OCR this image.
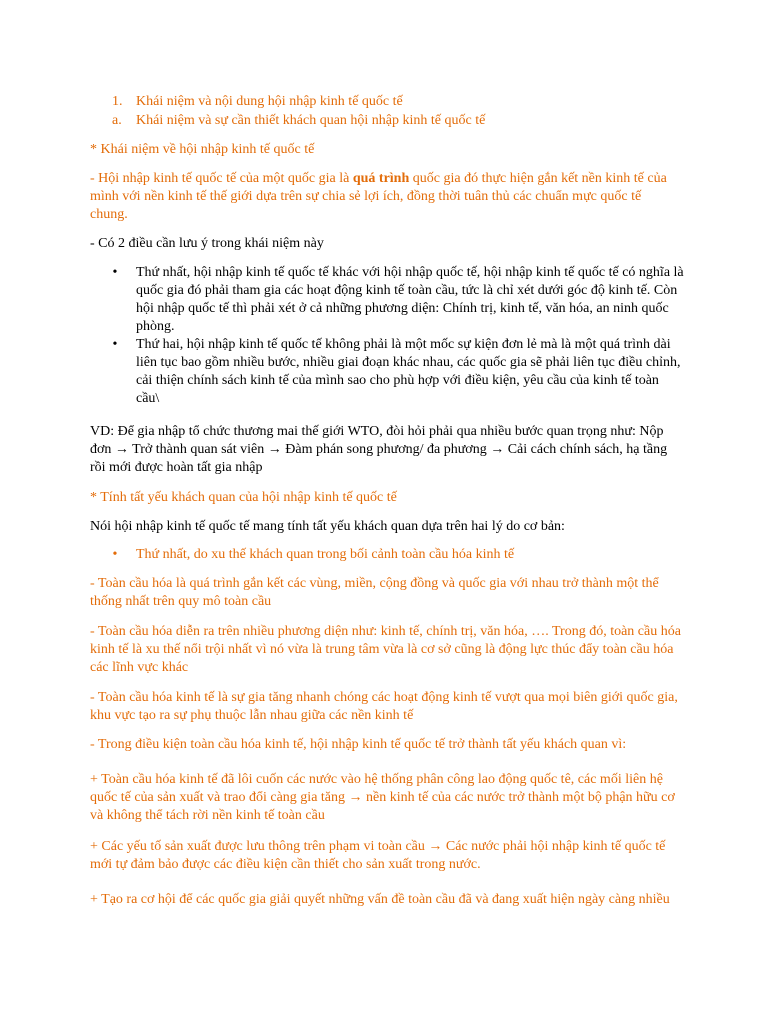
1. Khái niệm và nội dung hội nhập kinh tế quốc tế
a. Khái niệm và sự cần thiết khách quan hội nhập kinh tế quốc tế

* Khái niệm về hội nhập kinh tế quốc tế

- Hội nhập kinh tế quốc tế của một quốc gia là quá trình quốc gia đó thực hiện gắn kết nền kinh tế của mình với nền kinh tế thế giới dựa trên sự chia sẻ lợi ích, đồng thời tuân thủ các chuẩn mực quốc tế chung.

- Có 2 điều cần lưu ý trong khái niệm này

• Thứ nhất, hội nhập kinh tế quốc tế khác với hội nhập quốc tế, hội nhập kinh tế quốc tế có nghĩa là quốc gia đó phải tham gia các hoạt động kinh tế toàn cầu, tức là chỉ xét dưới góc độ kinh tế. Còn hội nhập quốc tế thì phải xét ở cả những phương diện: Chính trị, kinh tế, văn hóa, an ninh quốc phòng.
• Thứ hai, hội nhập kinh tế quốc tế không phải là một mốc sự kiện đơn lẻ mà là một quá trình dài liên tục bao gồm nhiều bước, nhiều giai đoạn khác nhau, các quốc gia sẽ phải liên tục điều chỉnh, cải thiện chính sách kinh tế của mình sao cho phù hợp với điều kiện, yêu cầu của kinh tế toàn cầu\

VD: Để gia nhập tổ chức thương mai thế giới WTO, đòi hỏi phải qua nhiều bước quan trọng như: Nộp đơn → Trở thành quan sát viên → Đàm phán song phương/ đa phương → Cải cách chính sách, hạ tầng rồi mới được hoàn tất gia nhập

* Tính tất yếu khách quan của hội nhập kinh tế quốc tế

Nói hội nhập kinh tế quốc tế mang tính tất yếu khách quan dựa trên hai lý do cơ bản:

• Thứ nhất, do xu thế khách quan trong bối cảnh toàn cầu hóa kinh tế

- Toàn cầu hóa là quá trình gắn kết các vùng, miền, cộng đồng và quốc gia với nhau trở thành một thể thống nhất trên quy mô toàn cầu

- Toàn cầu hóa diễn ra trên nhiều phương diện như: kinh tế, chính trị, văn hóa, …. Trong đó, toàn cầu hóa kinh tế là xu thế nổi trội nhất vì nó vừa là trung tâm vừa là cơ sở cũng là động lực thúc đẩy toàn cầu hóa các lĩnh vực khác

- Toàn cầu hóa kinh tế là sự gia tăng nhanh chóng các hoạt động kinh tế vượt qua mọi biên giới quốc gia, khu vực tạo ra sự phụ thuộc lẫn nhau giữa các nền kinh tế

- Trong điều kiện toàn cầu hóa kinh tế, hội nhập kinh tế quốc tế trở thành tất yếu khách quan vì:

+ Toàn cầu hóa kinh tế đã lôi cuốn các nước vào hệ thống phân công lao động quốc tê, các mối liên hệ quốc tế của sản xuất và trao đổi càng gia tăng → nền kinh tế của các nước trở thành một bộ phận hữu cơ và không thể tách rời nền kinh tế toàn cầu

+ Các yếu tố sản xuất được lưu thông trên phạm vi toàn cầu → Các nước phải hội nhập kinh tế quốc tế mới tự đảm bảo được các điều kiện cần thiết cho sản xuất trong nước.

+ Tạo ra cơ hội để các quốc gia giải quyết những vấn đề toàn cầu đã và đang xuất hiện ngày càng nhiều
